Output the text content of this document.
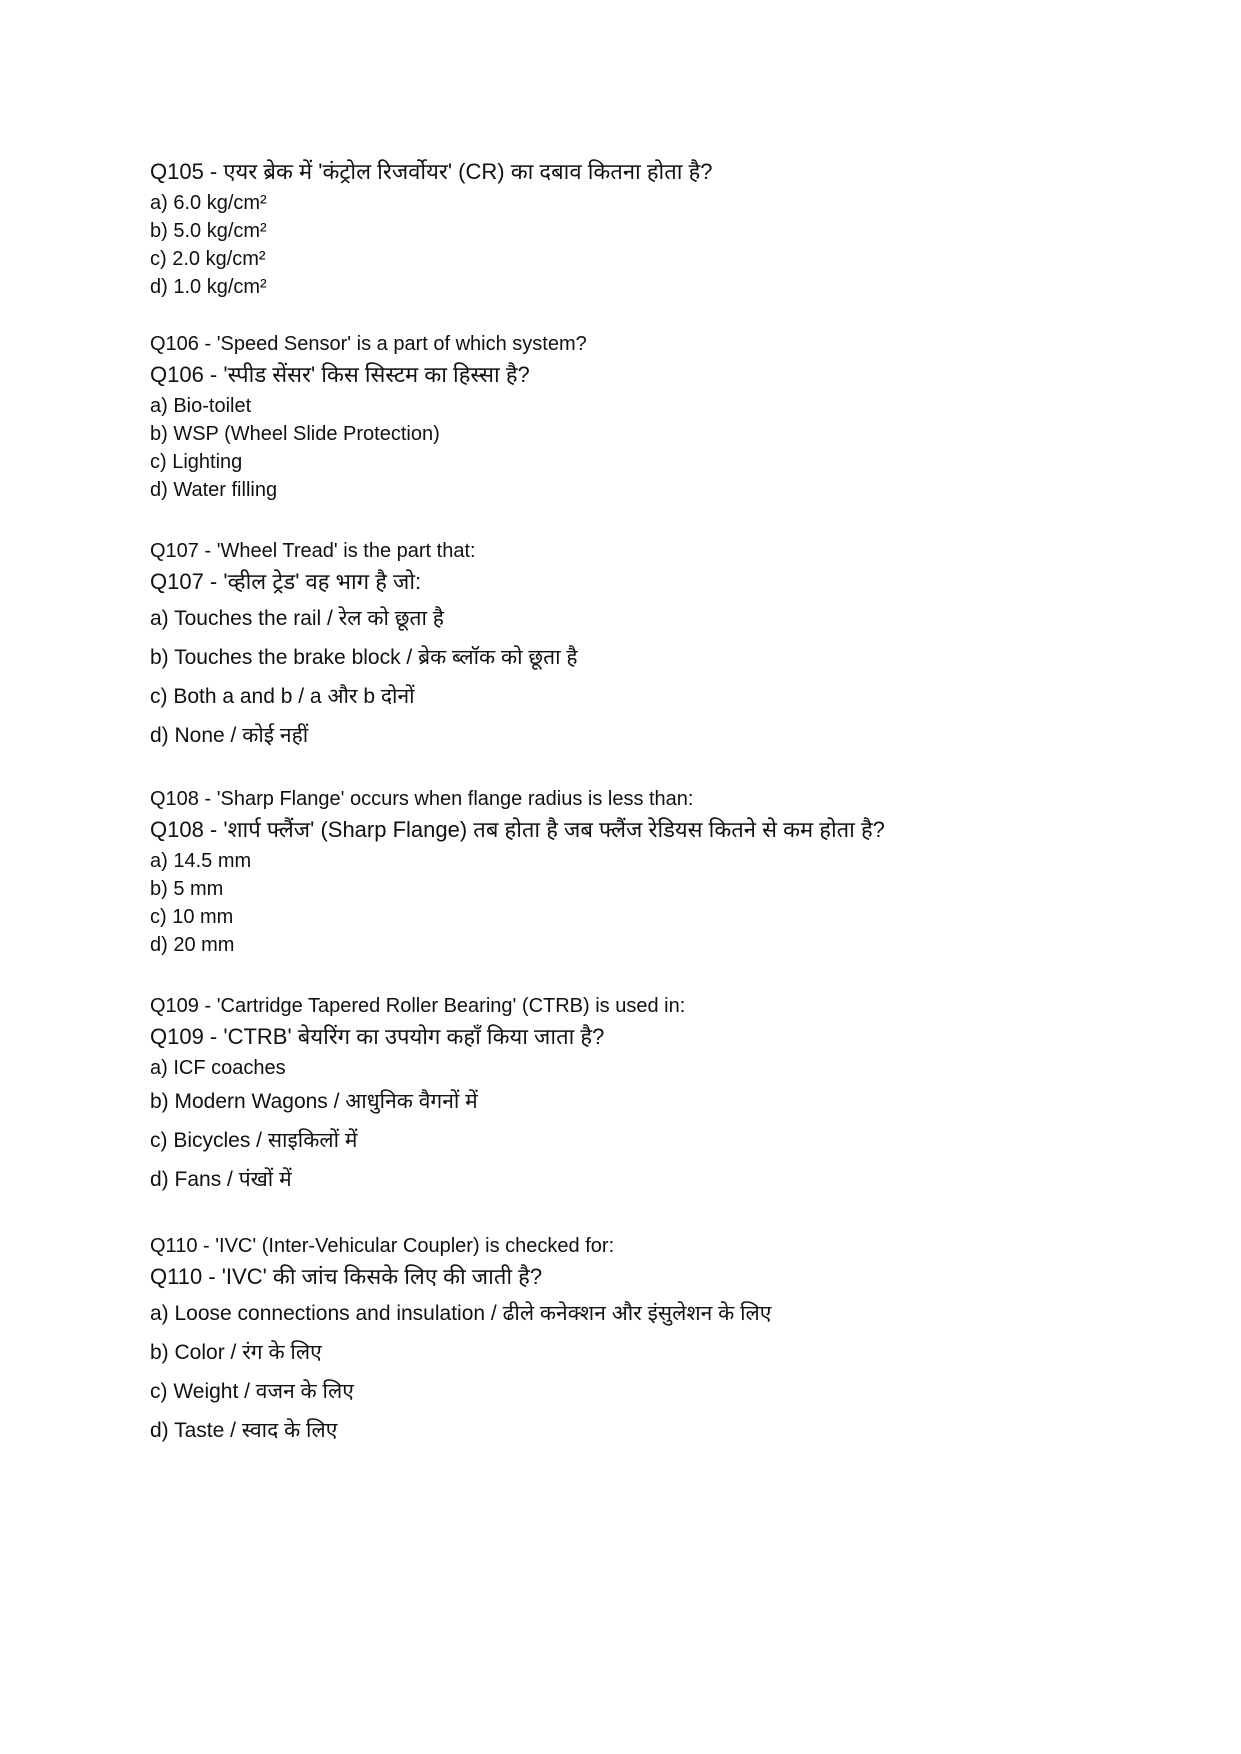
Q105 - एयर ब्रेक में 'कंट्रोल रिजर्वोयर' (CR) का दबाव कितना होता है?
a) 6.0 kg/cm²
b) 5.0 kg/cm²
c) 2.0 kg/cm²
d) 1.0 kg/cm²
Q106 - 'Speed Sensor' is a part of which system?
Q106 - 'स्पीड सेंसर' किस सिस्टम का हिस्सा है?
a) Bio-toilet
b) WSP (Wheel Slide Protection)
c) Lighting
d) Water filling
Q107 - 'Wheel Tread' is the part that:
Q107 - 'व्हील ट्रेड' वह भाग है जो:
a) Touches the rail / रेल को छूता है
b) Touches the brake block / ब्रेक ब्लॉक को छूता है
c) Both a and b / a और b दोनों
d) None / कोई नहीं
Q108 - 'Sharp Flange' occurs when flange radius is less than:
Q108 - 'शार्प फ्लैंज' (Sharp Flange) तब होता है जब फ्लैंज रेडियस कितने से कम होता है?
a) 14.5 mm
b) 5 mm
c) 10 mm
d) 20 mm
Q109 - 'Cartridge Tapered Roller Bearing' (CTRB) is used in:
Q109 - 'CTRB' बेयरिंग का उपयोग कहाँ किया जाता है?
a) ICF coaches
b) Modern Wagons / आधुनिक वैगनों में
c) Bicycles / साइकिलों में
d) Fans / पंखों में
Q110 - 'IVC' (Inter-Vehicular Coupler) is checked for:
Q110 - 'IVC' की जांच किसके लिए की जाती है?
a) Loose connections and insulation / ढीले कनेक्शन और इंसुलेशन के लिए
b) Color / रंग के लिए
c) Weight / वजन के लिए
d) Taste / स्वाद के लिए
